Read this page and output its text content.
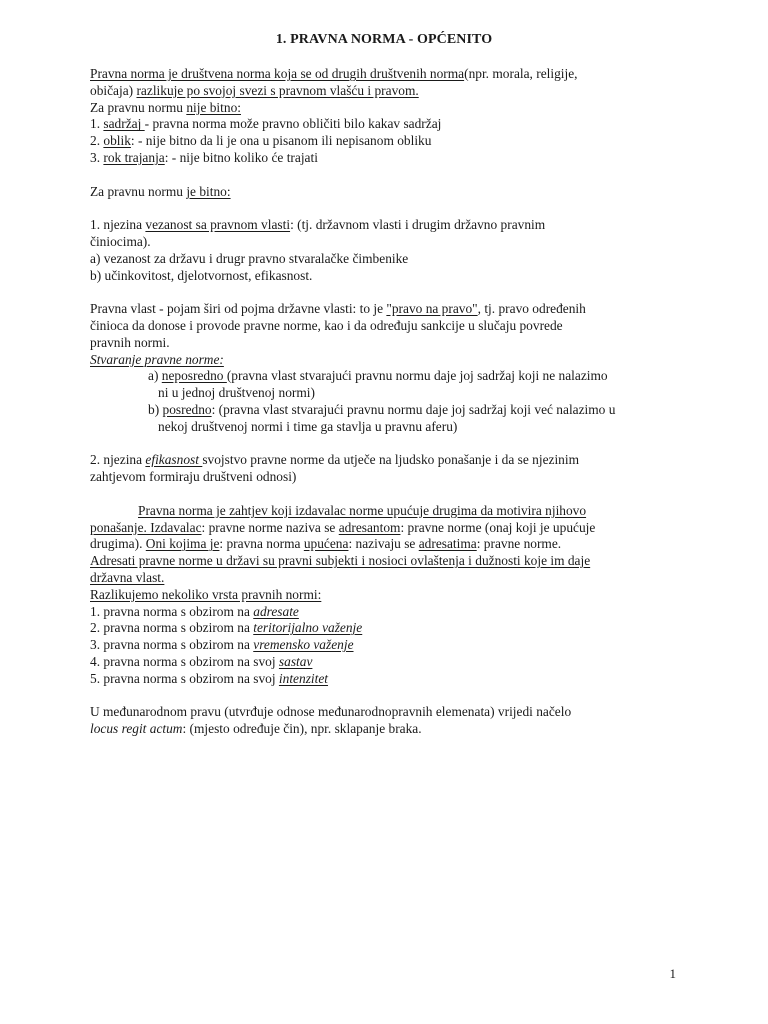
1. PRAVNA NORMA - OPĆENITO
Pravna norma je društvena norma koja se od drugih društvenih norma(npr. morala, religije,
običaja) razlikuje po svojoj svezi s pravnom vlašću i pravom.
Za pravnu normu nije bitno:
1. sadržaj - pravna norma može pravno obličiti bilo kakav sadržaj
2. oblik: - nije bitno da li je ona u pisanom ili nepisanom obliku
3. rok trajanja: - nije bitno koliko će trajati
Za pravnu normu je bitno:
1. njezina vezanost sa pravnom vlasti: (tj. državnom vlasti i drugim državno pravnim
činiocima).
a) vezanost za državu i drugr pravno stvaralačke čimbenike
b) učinkovitost, djelotvornost, efikasnost.
Pravna vlast - pojam širi od pojma državne vlasti: to je "pravo na pravo", tj. pravo određenih
činioca da donose i provode pravne norme, kao i da određuju sankcije u slučaju povrede
pravnih normi.
Stvaranje pravne norme:
a) neposredno (pravna vlast stvarajući pravnu normu daje joj sadržaj koji ne nalazimo
ni u jednoj društvenoj normi)
b) posredno: (pravna vlast stvarajući pravnu normu daje joj sadržaj koji već nalazimo u
nekoj društvenoj normi i time ga stavlja u pravnu aferu)
2. njezina efikasnost svojstvo pravne norme da utječe na ljudsko ponašanje i da se njezinim
zahtjevom formiraju društveni odnosi)
Pravna norma je zahtjev koji izdavalac norme upućuje drugima da motivira njihovo
ponašanje. Izdavalac: pravne norme naziva se adresantom: pravne norme (onaj koji je upućuje
drugima). Oni kojima je: pravna norma upućena: nazivaju se adresatima: pravne norme.
Adresati pravne norme u državi su pravni subjekti i nosioci ovlaštenja i dužnosti koje im daje
državna vlast.
Razlikujemo nekoliko vrsta pravnih normi:
1. pravna norma s obzirom na adresate
2. pravna norma s obzirom na teritorijalno važenje
3. pravna norma s obzirom na vremensko važenje
4. pravna norma s obzirom na svoj sastav
5. pravna norma s obzirom na svoj intenzitet
U međunarodnom pravu (utvrđuje odnose međunarodnopravnih elemenata) vrijedi načelo
locus regit actum: (mjesto određuje čin), npr. sklapanje braka.
1
